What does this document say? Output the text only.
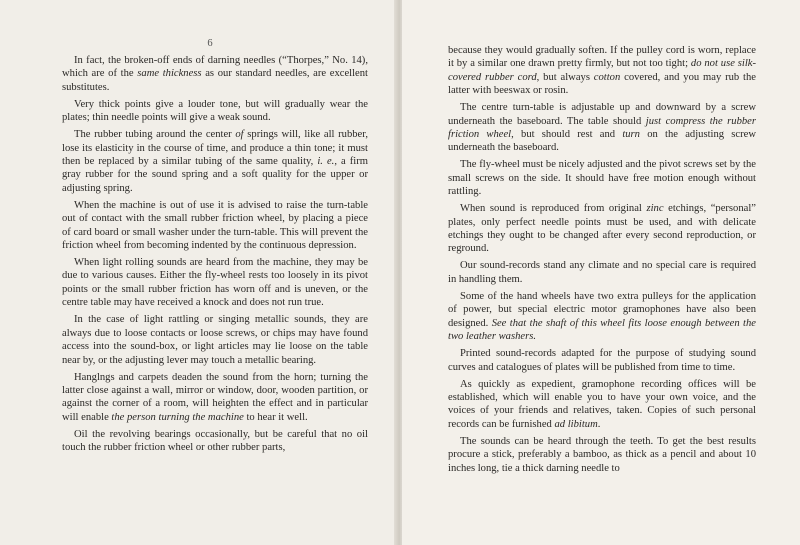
6

In fact, the broken-off ends of darning needles (“Thorpes,” No. 14), which are of the same thickness as our standard needles, are excellent substitutes.

Very thick points give a louder tone, but will gradually wear the plates; thin needle points will give a weak sound.

The rubber tubing around the center of springs will, like all rubber, lose its elasticity in the course of time, and produce a thin tone; it must then be replaced by a similar tubing of the same quality, i. e., a firm gray rubber for the sound spring and a soft quality for the upper or adjusting spring.

When the machine is out of use it is advised to raise the turn-table out of contact with the small rubber friction wheel, by placing a piece of card board or small washer under the turn-table. This will prevent the friction wheel from becoming indented by the continuous depression.

When light rolling sounds are heard from the machine, they may be due to various causes. Either the fly-wheel rests too loosely in its pivot points or the small rubber friction has worn off and is uneven, or the centre table may have received a knock and does not run true.

In the case of light rattling or singing metallic sounds, they are always due to loose contacts or loose screws, or chips may have found access into the sound-box, or light articles may lie loose on the table near by, or the adjusting lever may touch a metallic bearing.

Hanglngs and carpets deaden the sound from the horn; turning the latter close against a wall, mirror or window, door, wooden partition, or against the corner of a room, will heighten the effect and in particular will enable the person turning the machine to hear it well.

Oil the revolving bearings occasionally, but be careful that no oil touch the rubber friction wheel or other rubber parts,

because they would gradually soften. If the pulley cord is worn, replace it by a similar one drawn pretty firmly, but not too tight; do not use silk-covered rubber cord, but always cotton covered, and you may rub the latter with beeswax or rosin.

The centre turn-table is adjustable up and downward by a screw underneath the baseboard. The table should just compress the rubber friction wheel, but should rest and turn on the adjusting screw underneath the baseboard.

The fly-wheel must be nicely adjusted and the pivot screws set by the small screws on the side. It should have free motion enough without rattling.

When sound is reproduced from original zinc etchings, “personal” plates, only perfect needle points must be used, and with delicate etchings they ought to be changed after every second reproduction, or reground.

Our sound-records stand any climate and no special care is required in handling them.

Some of the hand wheels have two extra pulleys for the application of power, but special electric motor gramophones have also been designed. See that the shaft of this wheel fits loose enough between the two leather washers.

Printed sound-records adapted for the purpose of studying sound curves and catalogues of plates will be published from time to time.

As quickly as expedient, gramophone recording offices will be established, which will enable you to have your own voice, and the voices of your friends and relatives, taken. Copies of such personal records can be furnished ad libitum.

The sounds can be heard through the teeth. To get the best results procure a stick, preferably a bamboo, as thick as a pencil and about 10 inches long, tie a thick darning needle to
